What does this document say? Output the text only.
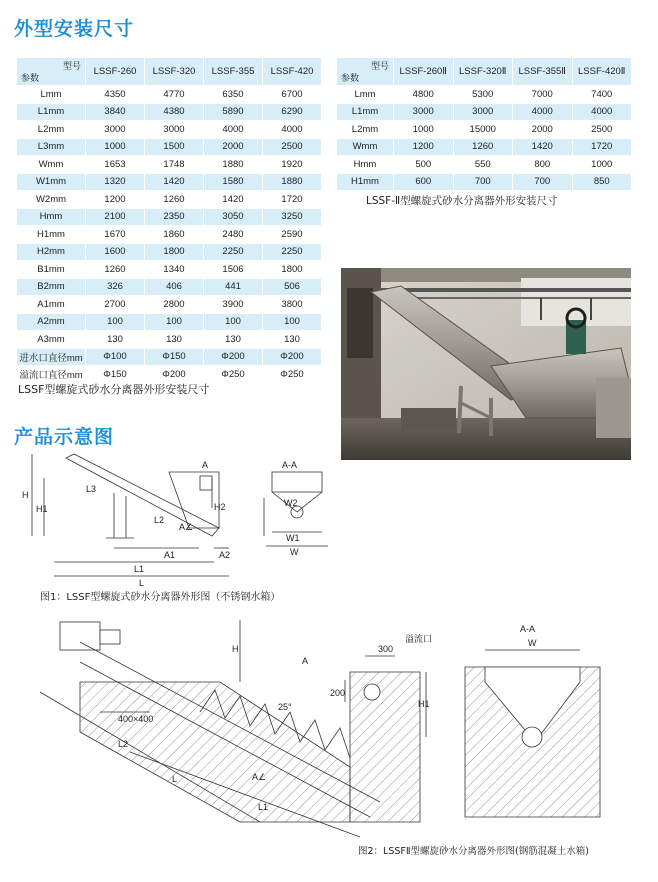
外型安装尺寸
型号
参数	LSSF-260	LSSF-320	LSSF-355	LSSF-420
Lmm	4350	4770	6350	6700
L1mm	3840	4380	5890	6290
L2mm	3000	3000	4000	4000
L3mm	1000	1500	2000	2500
Wmm	1653	1748	1880	1920
W1mm	1320	1420	1580	1880
W2mm	1200	1260	1420	1720
Hmm	2100	2350	3050	3250
H1mm	1670	1860	2480	2590
H2mm	1600	1800	2250	2250
B1mm	1260	1340	1506	1800
B2mm	326	406	441	506
A1mm	2700	2800	3900	3800
A2mm	100	100	100	100
A3mm	130	130	130	130
进水口直径mm	Φ100	Φ150	Φ200	Φ200
溢流口直径mm	Φ150	Φ200	Φ250	Φ250
LSSF型螺旋式砂水分离器外形安装尺寸
型号
参数	LSSF-260Ⅱ	LSSF-320Ⅱ	LSSF-355Ⅱ	LSSF-420Ⅱ
Lmm	4800	5300	7000	7400
L1mm	3000	3000	4000	4000
L2mm	1000	15000	2000	2500
Wmm	1200	1260	1420	1720
Hmm	500	550	800	1000
H1mm	600	700	700	850
LSSF-Ⅱ型螺旋式砂水分离器外形安装尺寸
产品示意图
H
H1	H2
L3
L2
A∠
A
A1	A2
L1
L
A-A
W2
W1
W
图1：LSSF型螺旋式砂水分离器外形图（不锈钢水箱）
H
H1
300
200
溢流口
A
25°
400×400
L2
L	A∠
L1
A-A
W
图2：LSSFⅡ型螺旋砂水分离器外形图(钢筋混凝土水箱)
